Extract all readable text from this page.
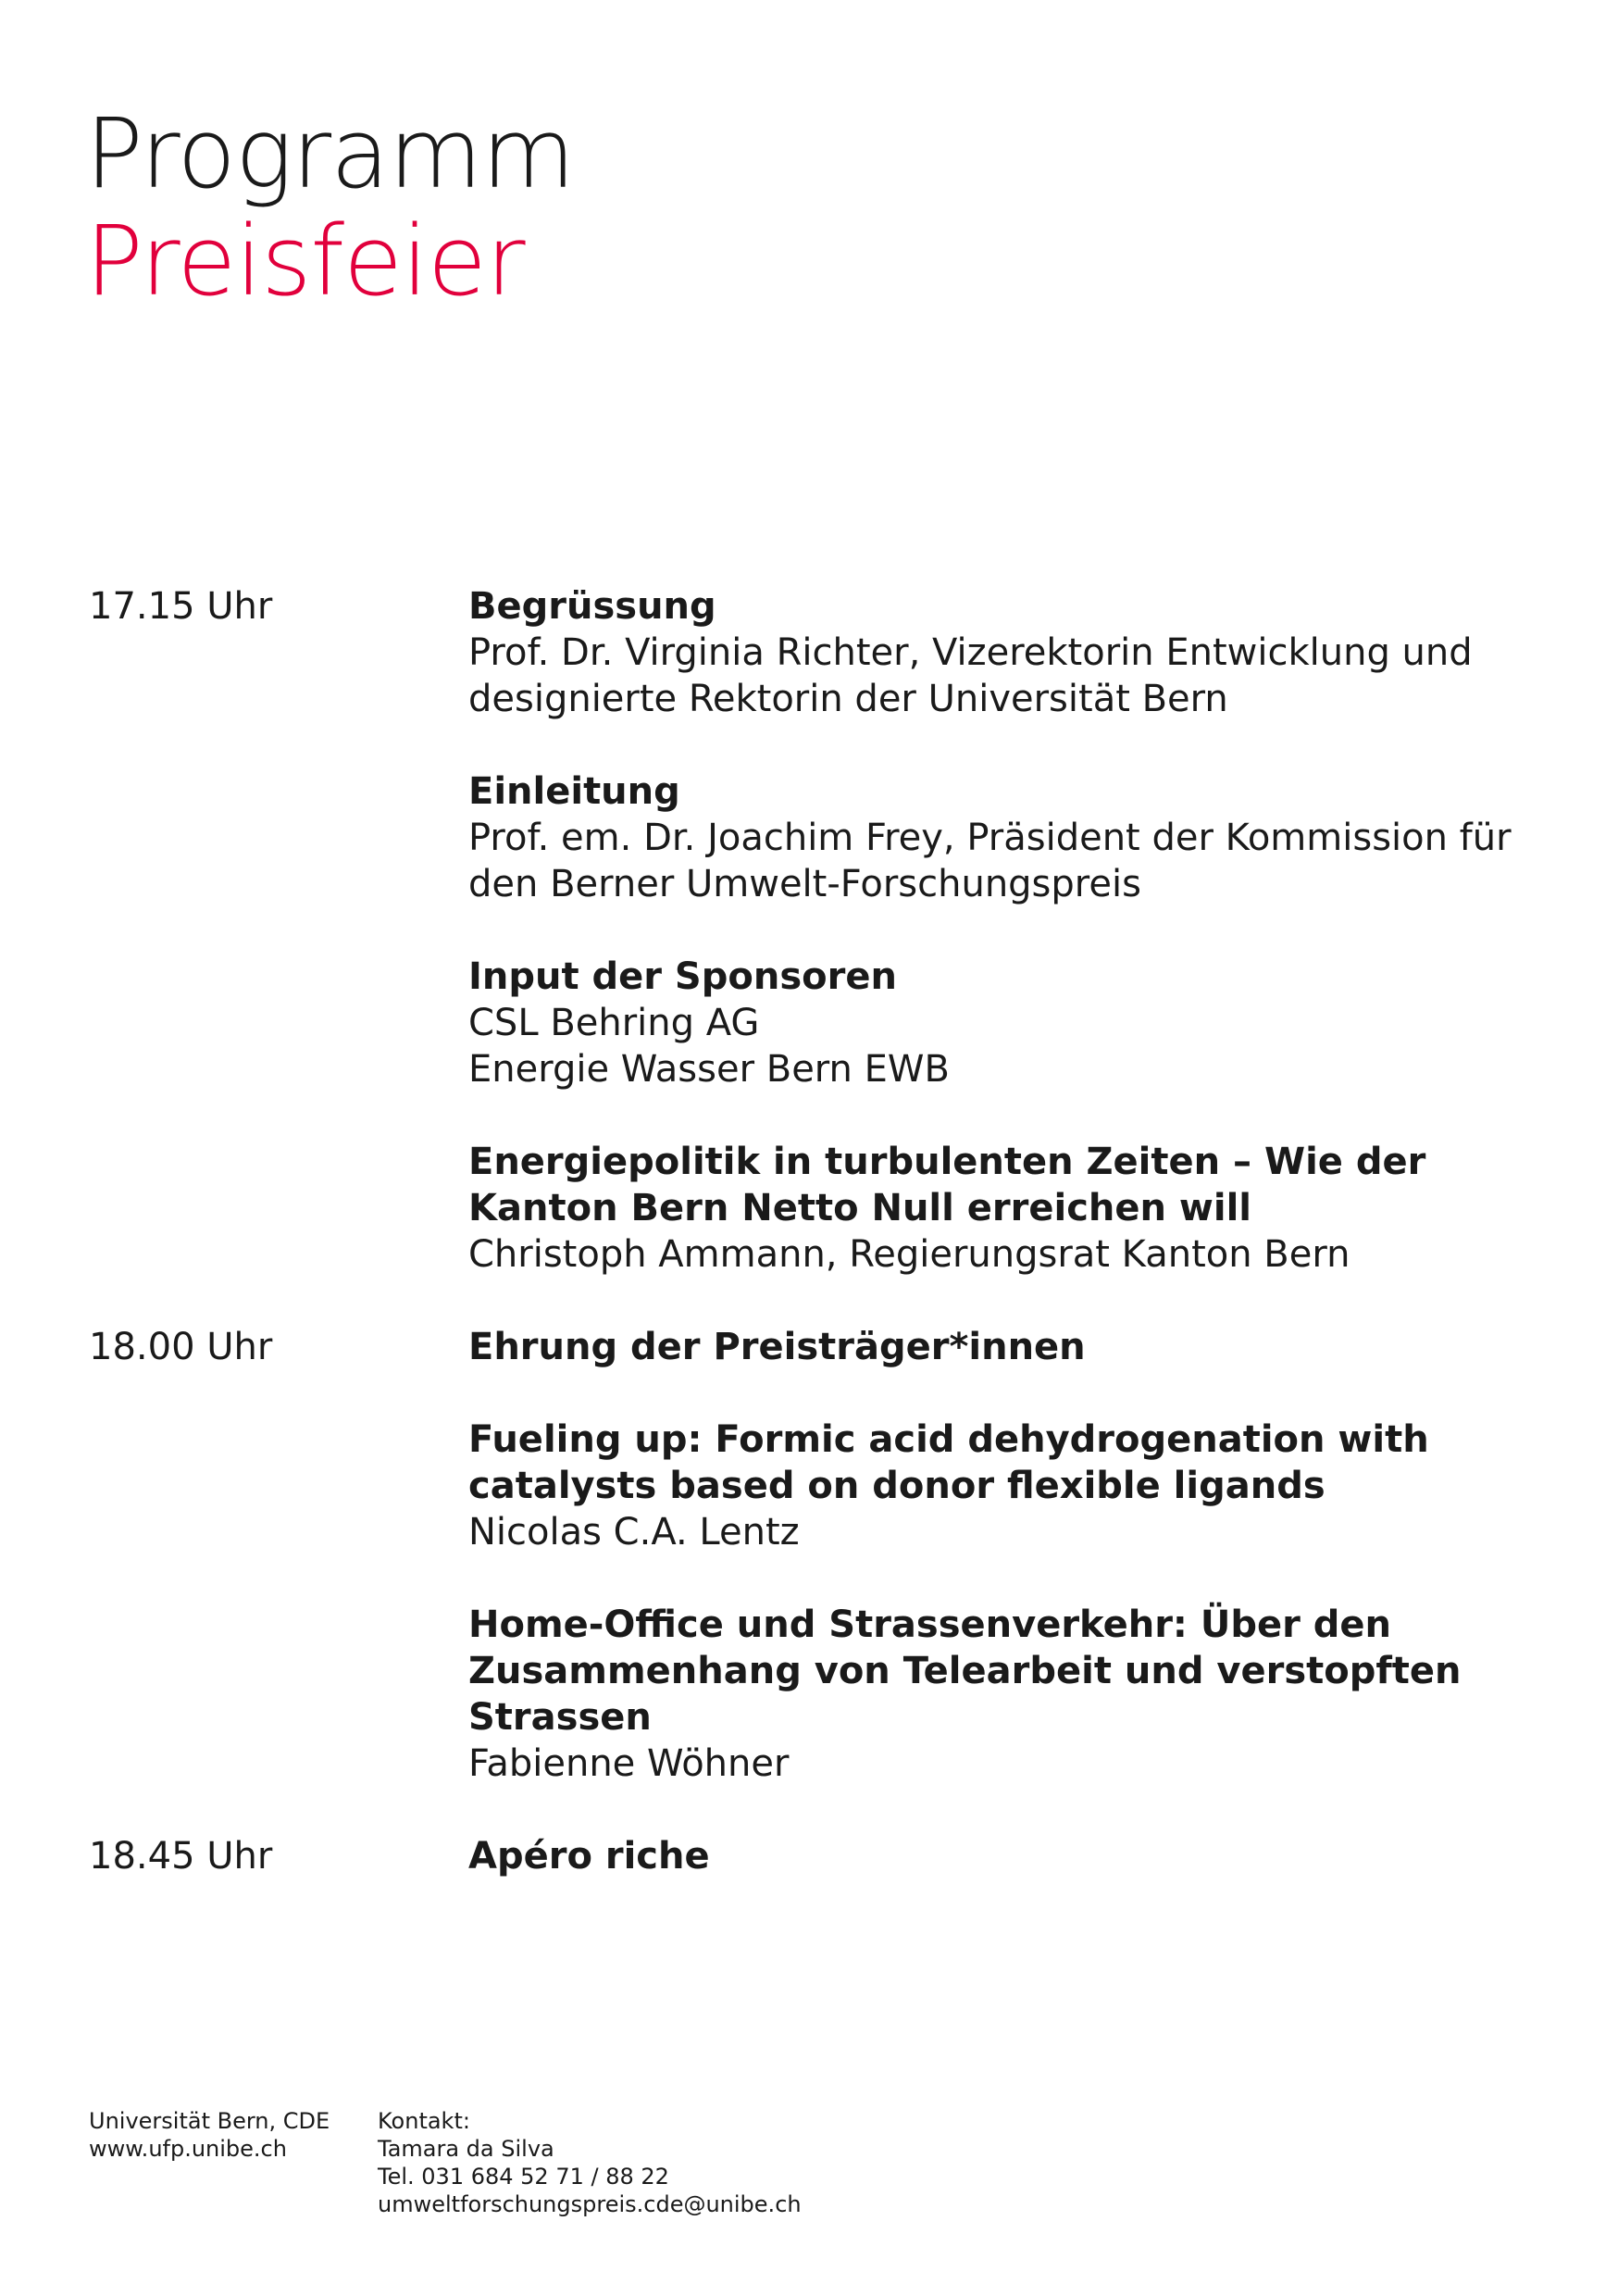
Programm
Preisfeier
17.15 Uhr	Begrüssung
Prof. Dr. Virginia Richter, Vizerektorin Entwicklung und
designierte Rektorin der Universität Bern
Einleitung
Prof. em. Dr. Joachim Frey, Präsident der Kommission für
den Berner Umwelt-Forschungspreis
Input der Sponsoren
CSL Behring AG
Energie Wasser Bern EWB
Energiepolitik in turbulenten Zeiten – Wie der Kanton Bern Netto Null erreichen will
Christoph Ammann, Regierungsrat Kanton Bern
18.00 Uhr	Ehrung der Preisträger*innen
Fueling up: Formic acid dehydrogenation with catalysts based on donor flexible ligands
Nicolas C.A. Lentz
Home-Office und Strassenverkehr: Über den Zusammenhang von Telearbeit und verstopften Strassen
Fabienne Wöhner
18.45 Uhr	Apéro riche
Universität Bern, CDE
www.ufp.unibe.ch
Kontakt:
Tamara da Silva
Tel. 031 684 52 71 / 88 22
umweltforschungspreis.cde@unibe.ch
